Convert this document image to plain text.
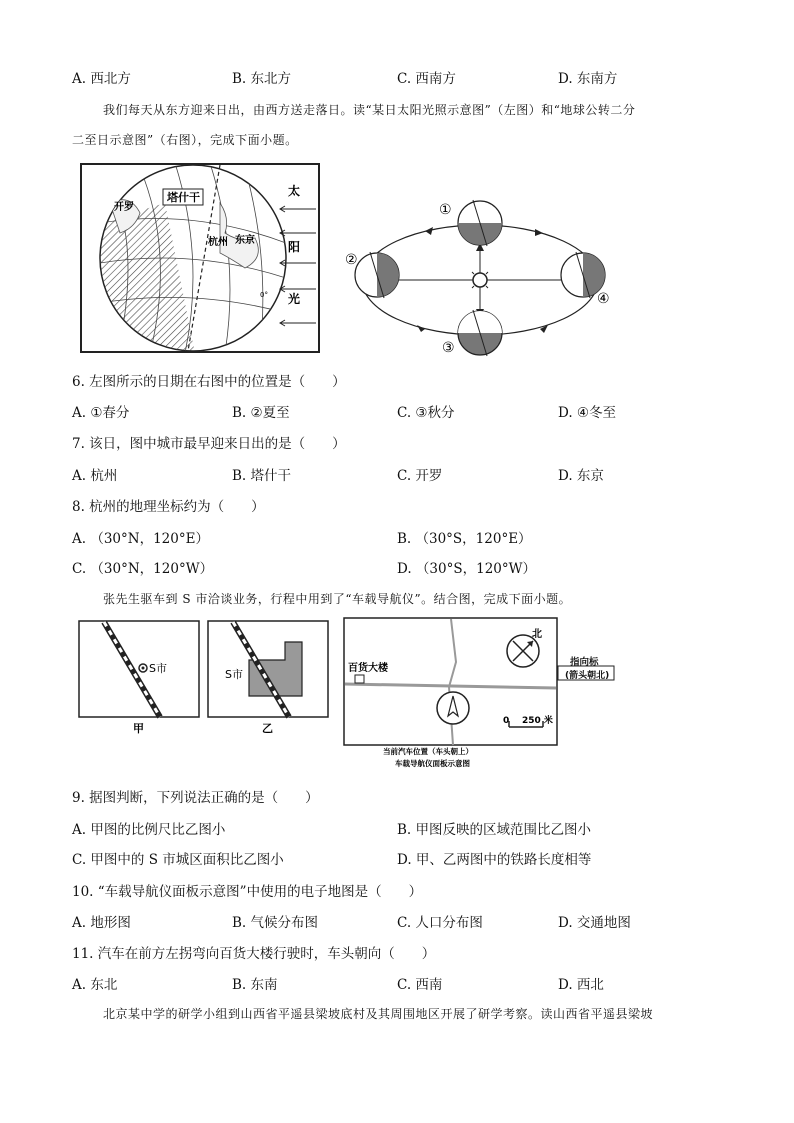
A. 西北方	B. 东北方	C. 西南方	D. 东南方
我们每天从东方迎来日出，由西方送走落日。读“某日太阳光照示意图”（左图）和“地球公转二分
二至日示意图”（右图），完成下面小题。
塔什干
开罗
杭州 东京
0°
太
阳
光
①
②
③
④
6. 左图所示的日期在右图中的位置是（　　）
A. ①春分	B. ②夏至	C. ③秋分	D. ④冬至
7. 该日，图中城市最早迎来日出的是（　　）
A. 杭州	B. 塔什干	C. 开罗	D. 东京
8. 杭州的地理坐标约为（　　）
A. （30°N，120°E）	B. （30°S，120°E）
C. （30°N，120°W）	D. （30°S，120°W）
张先生驱车到 S 市洽谈业务，行程中用到了“车载导航仪”。结合图，完成下面小题。
S市
甲
S市
乙
百货大楼
北
0 250 米
当前汽车位置（车头朝上）
车载导航仪面板示意图
指向标
(箭头朝北)
9. 据图判断，下列说法正确的是（　　）
A. 甲图的比例尺比乙图小	B. 甲图反映的区域范围比乙图小
C. 甲图中的 S 市城区面积比乙图小	D. 甲、乙两图中的铁路长度相等
10. “车载导航仪面板示意图”中使用的电子地图是（　　）
A. 地形图	B. 气候分布图	C. 人口分布图	D. 交通地图
11. 汽车在前方左拐弯向百货大楼行驶时，车头朝向（　　）
A. 东北	B. 东南	C. 西南	D. 西北
北京某中学的研学小组到山西省平遥县梁坡底村及其周围地区开展了研学考察。读山西省平遥县梁坡
